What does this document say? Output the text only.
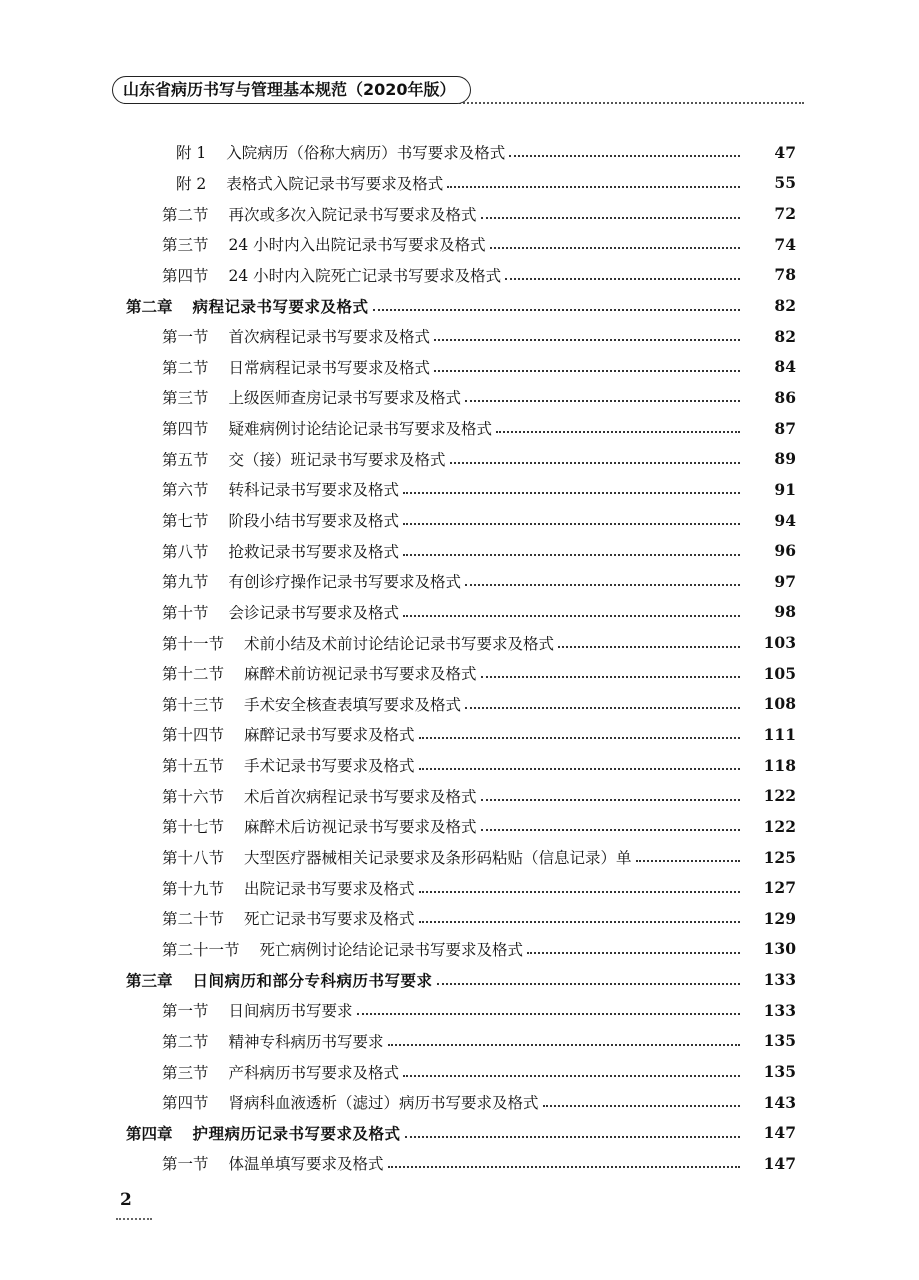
山东省病历书写与管理基本规范（2020年版）
附 1 入院病历（俗称大病历）书写要求及格式	47
附 2 表格式入院记录书写要求及格式	55
第二节 再次或多次入院记录书写要求及格式	72
第三节 24 小时内入出院记录书写要求及格式	74
第四节 24 小时内入院死亡记录书写要求及格式	78
第二章 病程记录书写要求及格式	82
第一节 首次病程记录书写要求及格式	82
第二节 日常病程记录书写要求及格式	84
第三节 上级医师查房记录书写要求及格式	86
第四节 疑难病例讨论结论记录书写要求及格式	87
第五节 交（接）班记录书写要求及格式	89
第六节 转科记录书写要求及格式	91
第七节 阶段小结书写要求及格式	94
第八节 抢救记录书写要求及格式	96
第九节 有创诊疗操作记录书写要求及格式	97
第十节 会诊记录书写要求及格式	98
第十一节 术前小结及术前讨论结论记录书写要求及格式	103
第十二节 麻醉术前访视记录书写要求及格式	105
第十三节 手术安全核查表填写要求及格式	108
第十四节 麻醉记录书写要求及格式	111
第十五节 手术记录书写要求及格式	118
第十六节 术后首次病程记录书写要求及格式	122
第十七节 麻醉术后访视记录书写要求及格式	122
第十八节 大型医疗器械相关记录要求及条形码粘贴（信息记录）单	125
第十九节 出院记录书写要求及格式	127
第二十节 死亡记录书写要求及格式	129
第二十一节 死亡病例讨论结论记录书写要求及格式	130
第三章 日间病历和部分专科病历书写要求	133
第一节 日间病历书写要求	133
第二节 精神专科病历书写要求	135
第三节 产科病历书写要求及格式	135
第四节 肾病科血液透析（滤过）病历书写要求及格式	143
第四章 护理病历记录书写要求及格式	147
第一节 体温单填写要求及格式	147
2
